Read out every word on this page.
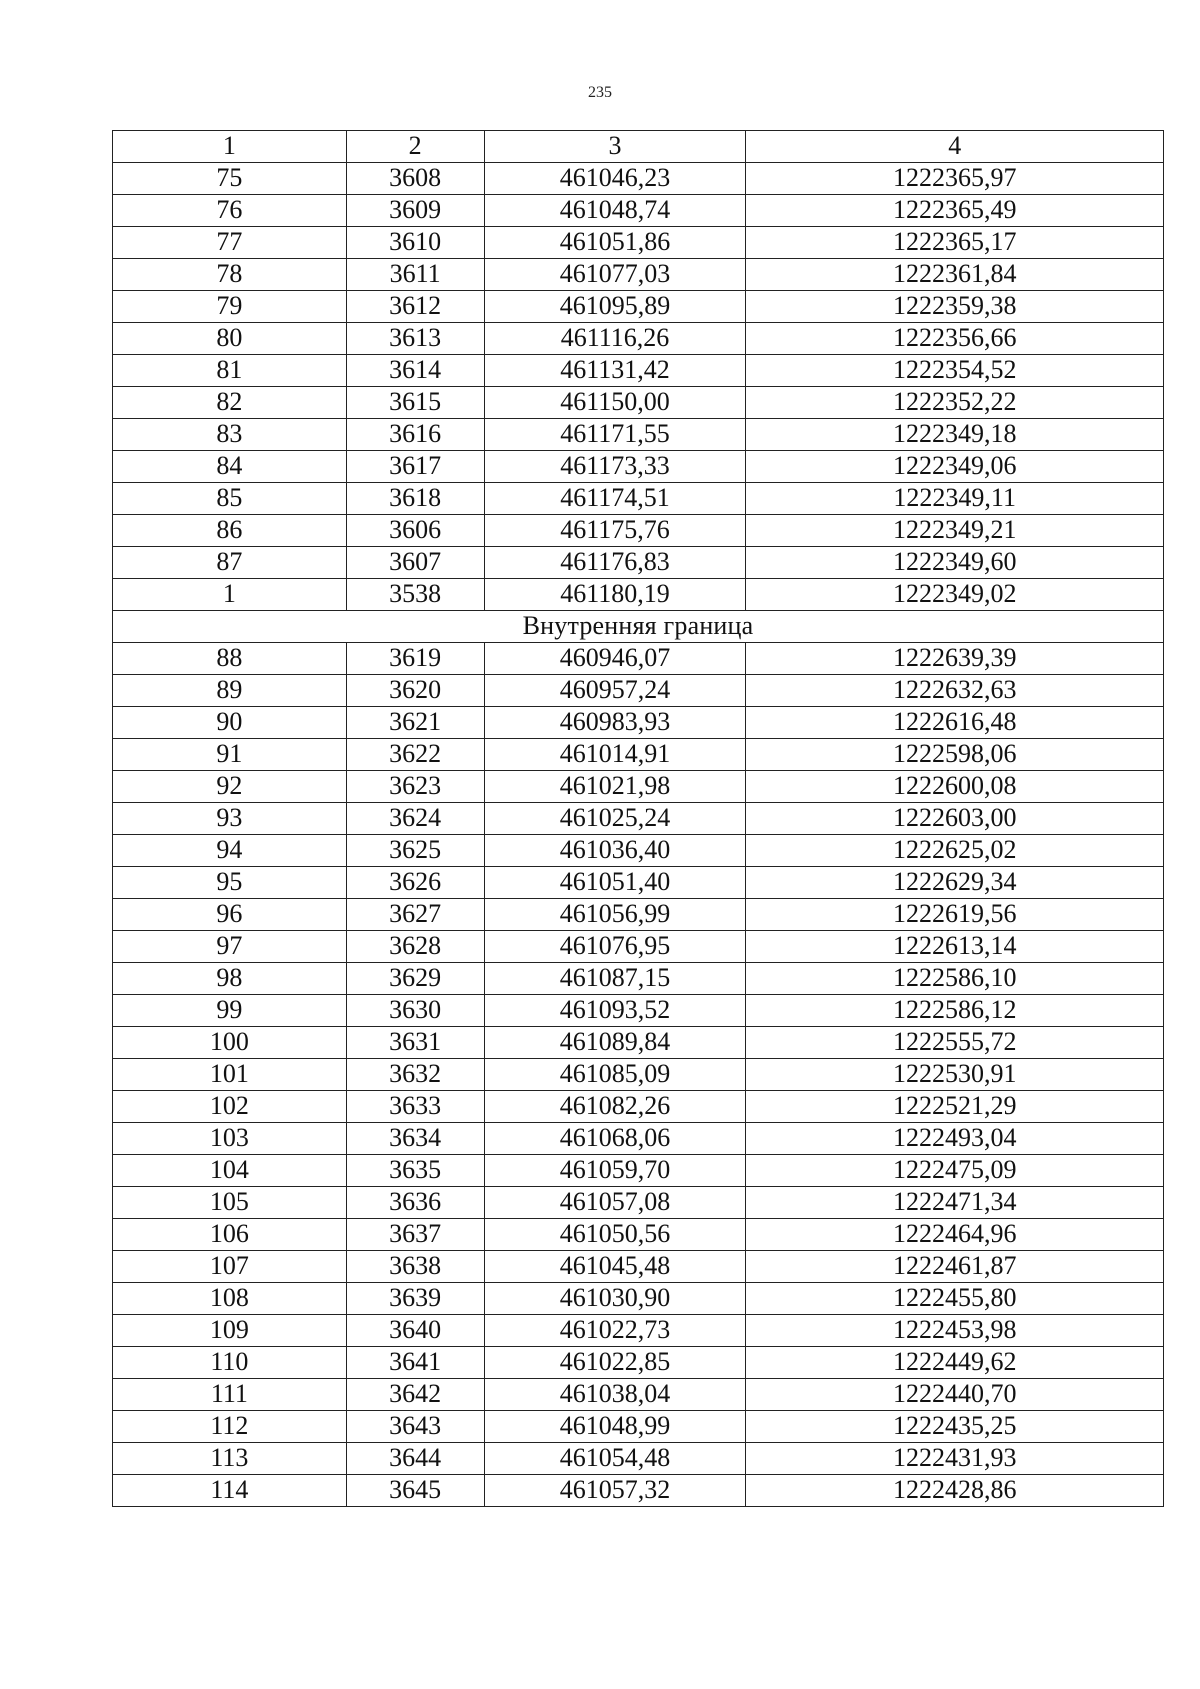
235
1	2	3	4
75	3608	461046,23	1222365,97
76	3609	461048,74	1222365,49
77	3610	461051,86	1222365,17
78	3611	461077,03	1222361,84
79	3612	461095,89	1222359,38
80	3613	461116,26	1222356,66
81	3614	461131,42	1222354,52
82	3615	461150,00	1222352,22
83	3616	461171,55	1222349,18
84	3617	461173,33	1222349,06
85	3618	461174,51	1222349,11
86	3606	461175,76	1222349,21
87	3607	461176,83	1222349,60
1	3538	461180,19	1222349,02
Внутренняя граница			
88	3619	460946,07	1222639,39
89	3620	460957,24	1222632,63
90	3621	460983,93	1222616,48
91	3622	461014,91	1222598,06
92	3623	461021,98	1222600,08
93	3624	461025,24	1222603,00
94	3625	461036,40	1222625,02
95	3626	461051,40	1222629,34
96	3627	461056,99	1222619,56
97	3628	461076,95	1222613,14
98	3629	461087,15	1222586,10
99	3630	461093,52	1222586,12
100	3631	461089,84	1222555,72
101	3632	461085,09	1222530,91
102	3633	461082,26	1222521,29
103	3634	461068,06	1222493,04
104	3635	461059,70	1222475,09
105	3636	461057,08	1222471,34
106	3637	461050,56	1222464,96
107	3638	461045,48	1222461,87
108	3639	461030,90	1222455,80
109	3640	461022,73	1222453,98
110	3641	461022,85	1222449,62
111	3642	461038,04	1222440,70
112	3643	461048,99	1222435,25
113	3644	461054,48	1222431,93
114	3645	461057,32	1222428,86
